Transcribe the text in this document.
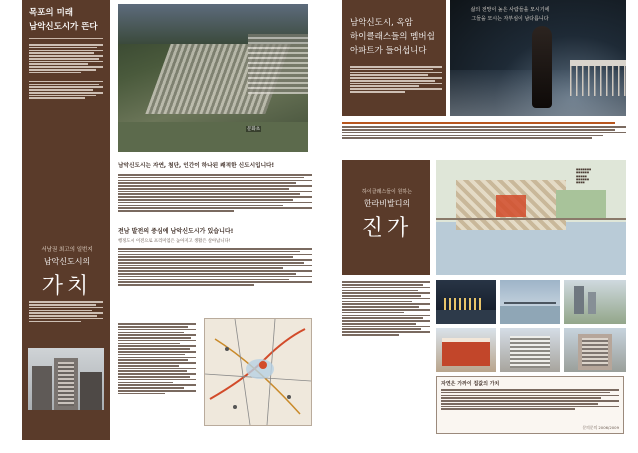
목포의 미래
남악신도시가 뜬다
서남권 최고의 일번지
남악신도시의
가치
문화초
남악신도시는 자연, 첨단, 인간이 하나된 쾌적한 신도시입니다!
전남 발전의 중심에 남악신도시가 있습니다!
행정도시 이전으로 프리미엄은 높아지고 생활은 살아납니다!
남악신도시, 옥암
하이클래스들의 멤버쉽
아파트가 들어섭니다
삶의 전망이 높은 사람들을 모시기에
그들을 모시는 자부심이 남다릅니다
하이클래스들이 원하는
한라비발디의
진가
■■■■■■■
■■■■■■
■■■■■
■■■■■■
■■■■
자연은 가까이 집값의 가치
문의문의 2006/2009
